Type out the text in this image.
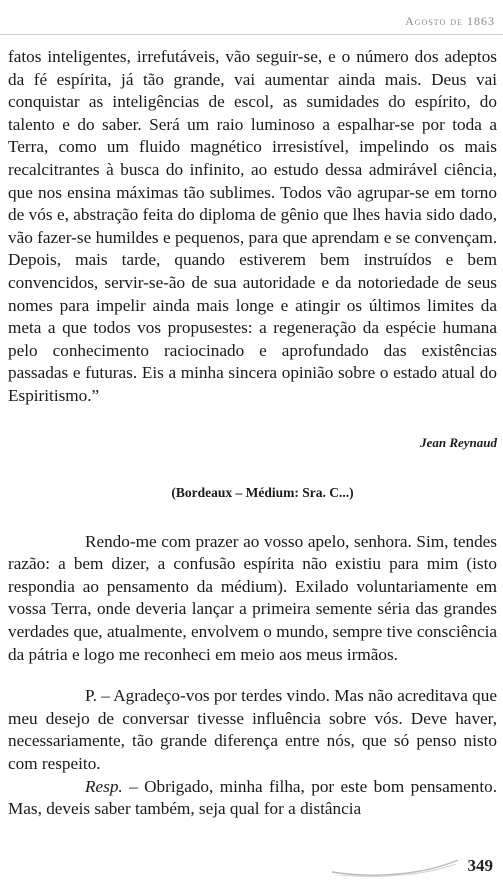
Agosto de 1863

fatos inteligentes, irrefutáveis, vão seguir-se, e o número dos adeptos da fé espírita, já tão grande, vai aumentar ainda mais. Deus vai conquistar as inteligências de escol, as sumidades do espírito, do talento e do saber. Será um raio luminoso a espalhar-se por toda a Terra, como um fluido magnético irresistível, impelindo os mais recalcitrantes à busca do infinito, ao estudo dessa admirável ciência, que nos ensina máximas tão sublimes. Todos vão agrupar-se em torno de vós e, abstração feita do diploma de gênio que lhes havia sido dado, vão fazer-se humildes e pequenos, para que aprendam e se convençam. Depois, mais tarde, quando estiverem bem instruídos e bem convencidos, servir-se-ão de sua autoridade e da notoriedade de seus nomes para impelir ainda mais longe e atingir os últimos limites da meta a que todos vos propusestes: a regeneração da espécie humana pelo conhecimento raciocinado e aprofundado das existências passadas e futuras. Eis a minha sincera opinião sobre o estado atual do Espiritismo.”

Jean Reynaud
(Bordeaux – Médium: Sra. C...)

Rendo-me com prazer ao vosso apelo, senhora. Sim, tendes razão: a bem dizer, a confusão espírita não existiu para mim (isto respondia ao pensamento da médium). Exilado voluntariamente em vossa Terra, onde deveria lançar a primeira semente séria das grandes verdades que, atualmente, envolvem o mundo, sempre tive consciência da pátria e logo me reconheci em meio aos meus irmãos.

P. – Agradeço-vos por terdes vindo. Mas não acreditava que meu desejo de conversar tivesse influência sobre vós. Deve haver, necessariamente, tão grande diferença entre nós, que só penso nisto com respeito.

Resp. – Obrigado, minha filha, por este bom pensamento. Mas, deveis saber também, seja qual for a distância

349
